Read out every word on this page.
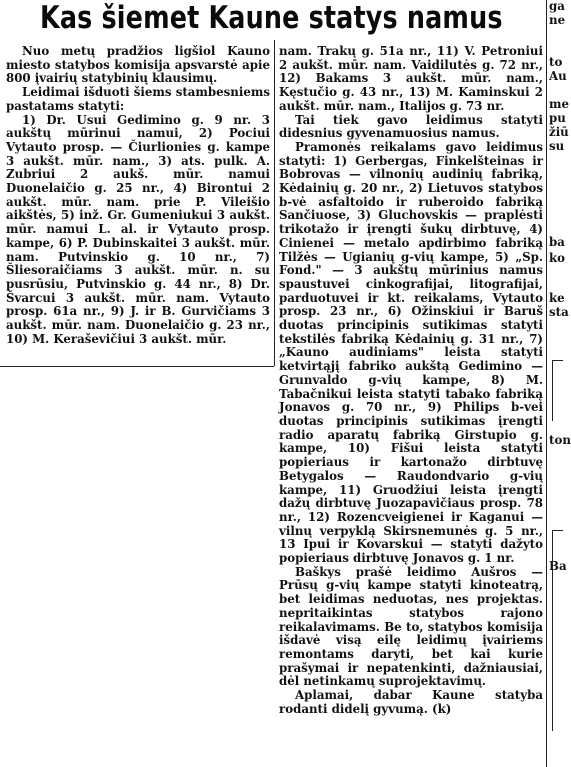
Kas šiemet Kaune statys namus

Nuo metų pradžios ligšiol Kauno miesto statybos komisija apsvarstė apie 800 įvairių statybinių klausimų.

Leidimai išduoti šiems stambesniems pastatams statyti:

1) Dr. Usui Gedimino g. 9 nr. 3 aukštų mūrinui namui, 2) Pociui Vytauto prosp. — Čiurlionies g. kampe 3 aukšt. mūr. nam., 3) ats. pulk. A. Zubriui 2 aukš. mūr. namui Duonelaičio g. 25 nr., 4) Birontui 2 aukšt. mūr. nam. prie P. Vileišio aikštės, 5) inž. Gr. Gumeniukui 3 aukšt. mūr. namui L. al. ir Vytauto prosp. kampe, 6) P. Dubinskaitei 3 aukšt. mūr. nam. Putvinskio g. 10 nr., 7) Šliesoraičiams 3 aukšt. mūr. n. su pusrūsiu, Putvinskio g. 44 nr., 8) Dr. Švarcui 3 aukšt. mūr. nam. Vytauto prosp. 61a nr., 9) J. ir B. Gurvičiams 3 aukšt. mūr. nam. Duonelaičio g. 23 nr., 10) M. Keraševičiui 3 aukšt. mūr.

nam. Trakų g. 51a nr., 11) V. Petroniui 2 aukšt. mūr. nam. Vaidilutės g. 72 nr., 12) Bakams 3 aukšt. mūr. nam., Kęstučio g. 43 nr., 13) M. Kaminskui 2 aukšt. mūr. nam., Italijos g. 73 nr.

Tai tiek gavo leidimus statyti didesnius gyvenamuosius namus.

Pramonės reikalams gavo leidimus statyti: 1) Gerbergas, Finkelšteinas ir Bobrovas — vilnonių audinių fabriką, Kėdainių g. 20 nr., 2) Lietuvos statybos b-vė asfaltoido ir ruberoido fabriką Sančiuose, 3) Gluchovskis — praplėsti trikotažo ir įrengti šukų dirbtuvę, 4) Cinienei — metalo apdirbimo fabriką Tilžės — Ugianių g-vių kampe, 5) „Sp. Fond." — 3 aukštų mūrinius namus spaustuvei cinkografijai, litografijai, parduotuvei ir kt. reikalams, Vytauto prosp. 23 nr., 6) Ožinskiui ir Baruš duotas principinis sutikimas statyti tekstilės fabriką Kėdainių g. 31 nr., 7) „Kauno audiniams" leista statyti ketvirtąjį fabriko aukštą Gedimino — Grunvaldo g-vių kampe, 8) M. Tabačnikui leista statyti tabako fabriką Jonavos g. 70 nr., 9) Philips b-vei duotas principinis sutikimas įrengti radio aparatų fabriką Girstupio g. kampe, 10) Fišui leista statyti popieriaus ir kartonažo dirbtuvę Betygalos — Raudondvario g-vių kampe, 11) Gruodžiui leista įrengti dažų dirbtuvę Juozapavičiaus prosp. 78 nr., 12) Rozencveigienei ir Kaganui — vilnų verpyklą Skirsnemunės g. 5 nr., 13 Ipui ir Kovarskui — statyti dažyto popieriaus dirbtuvę Jonavos g. 1 nr.

Baškys prašė leidimo Aušros — Prūsų g-vių kampe statyti kinoteatrą, bet leidimas neduotas, nes projektas. nepritaikintas statybos rajono reikalavimams. Be to, statybos komisija išdavė visą eilę leidimų įvairiems remontams daryti, bet kai kurie prašymai ir nepatenkinti, dažniausiai, dėl netinkamų suprojektavimų.

Aplamai, dabar Kaune statyba rodanti didelį gyvumą. (k)

ga
ne
to
Au
me
pu
žiū
su
ba
ko
ke
sta
ton
Ba
